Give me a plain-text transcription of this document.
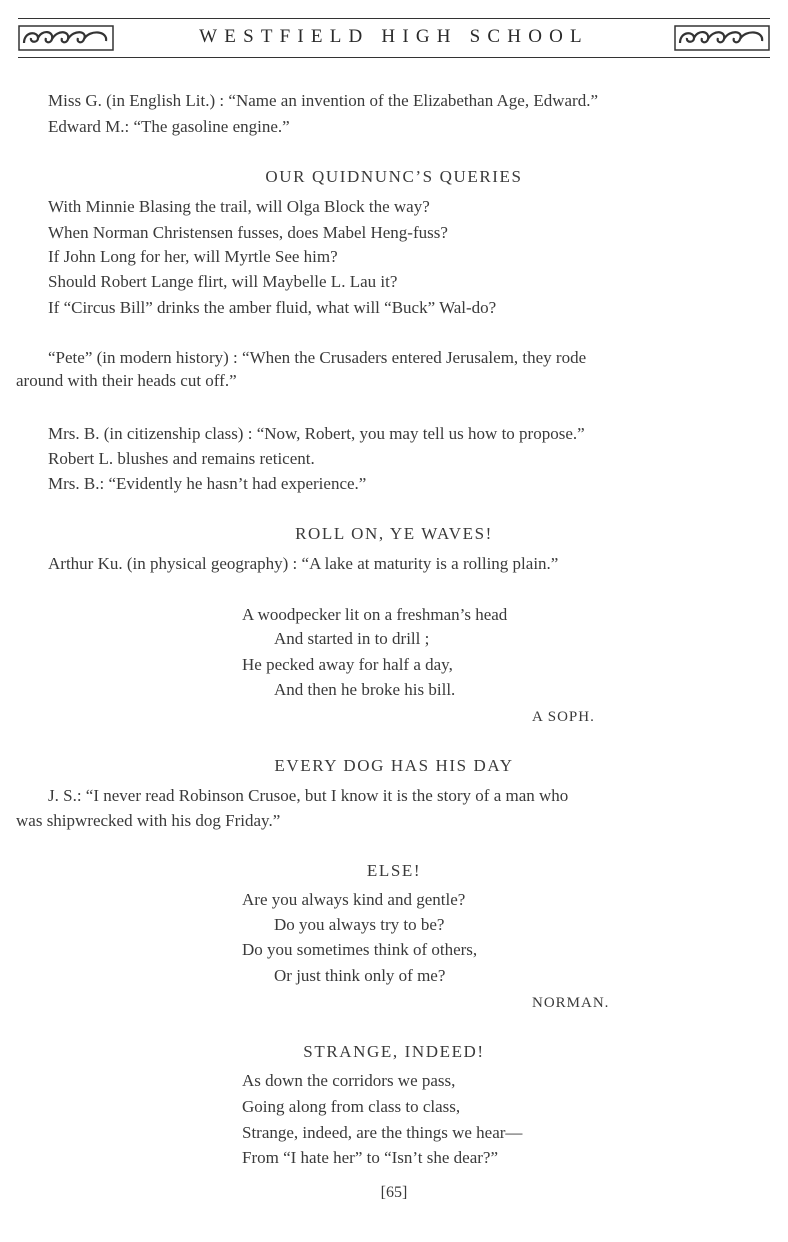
WESTFIELD HIGH SCHOOL
Miss G. (in English Lit.) : “Name an invention of the Elizabethan Age, Edward.”
Edward M.: “The gasoline engine.”
OUR QUIDNUNC’S QUERIES
With Minnie Blasing the trail, will Olga Block the way?
When Norman Christensen fusses, does Mabel Heng-fuss?
If John Long for her, will Myrtle See him?
Should Robert Lange flirt, will Maybelle L. Lau it?
If “Circus Bill” drinks the amber fluid, what will “Buck” Wal-do?
“Pete” (in modern history) : “When the Crusaders entered Jerusalem, they rode
around with their heads cut off.”
Mrs. B. (in citizenship class) : “Now, Robert, you may tell us how to propose.”
Robert L. blushes and remains reticent.
Mrs. B.: “Evidently he hasn’t had experience.”
ROLL ON, YE WAVES!
Arthur Ku. (in physical geography) : “A lake at maturity is a rolling plain.”
A woodpecker lit on a freshman’s head
And started in to drill ;
He pecked away for half a day,
And then he broke his bill.
A SOPH.
EVERY DOG HAS HIS DAY
J. S.: “I never read Robinson Crusoe, but I know it is the story of a man who
was shipwrecked with his dog Friday.”
ELSE!
Are you always kind and gentle?
Do you always try to be?
Do you sometimes think of others,
Or just think only of me?
NORMAN.
STRANGE, INDEED!
As down the corridors we pass,
Going along from class to class,
Strange, indeed, are the things we hear—
From “I hate her” to “Isn’t she dear?”
[65]
